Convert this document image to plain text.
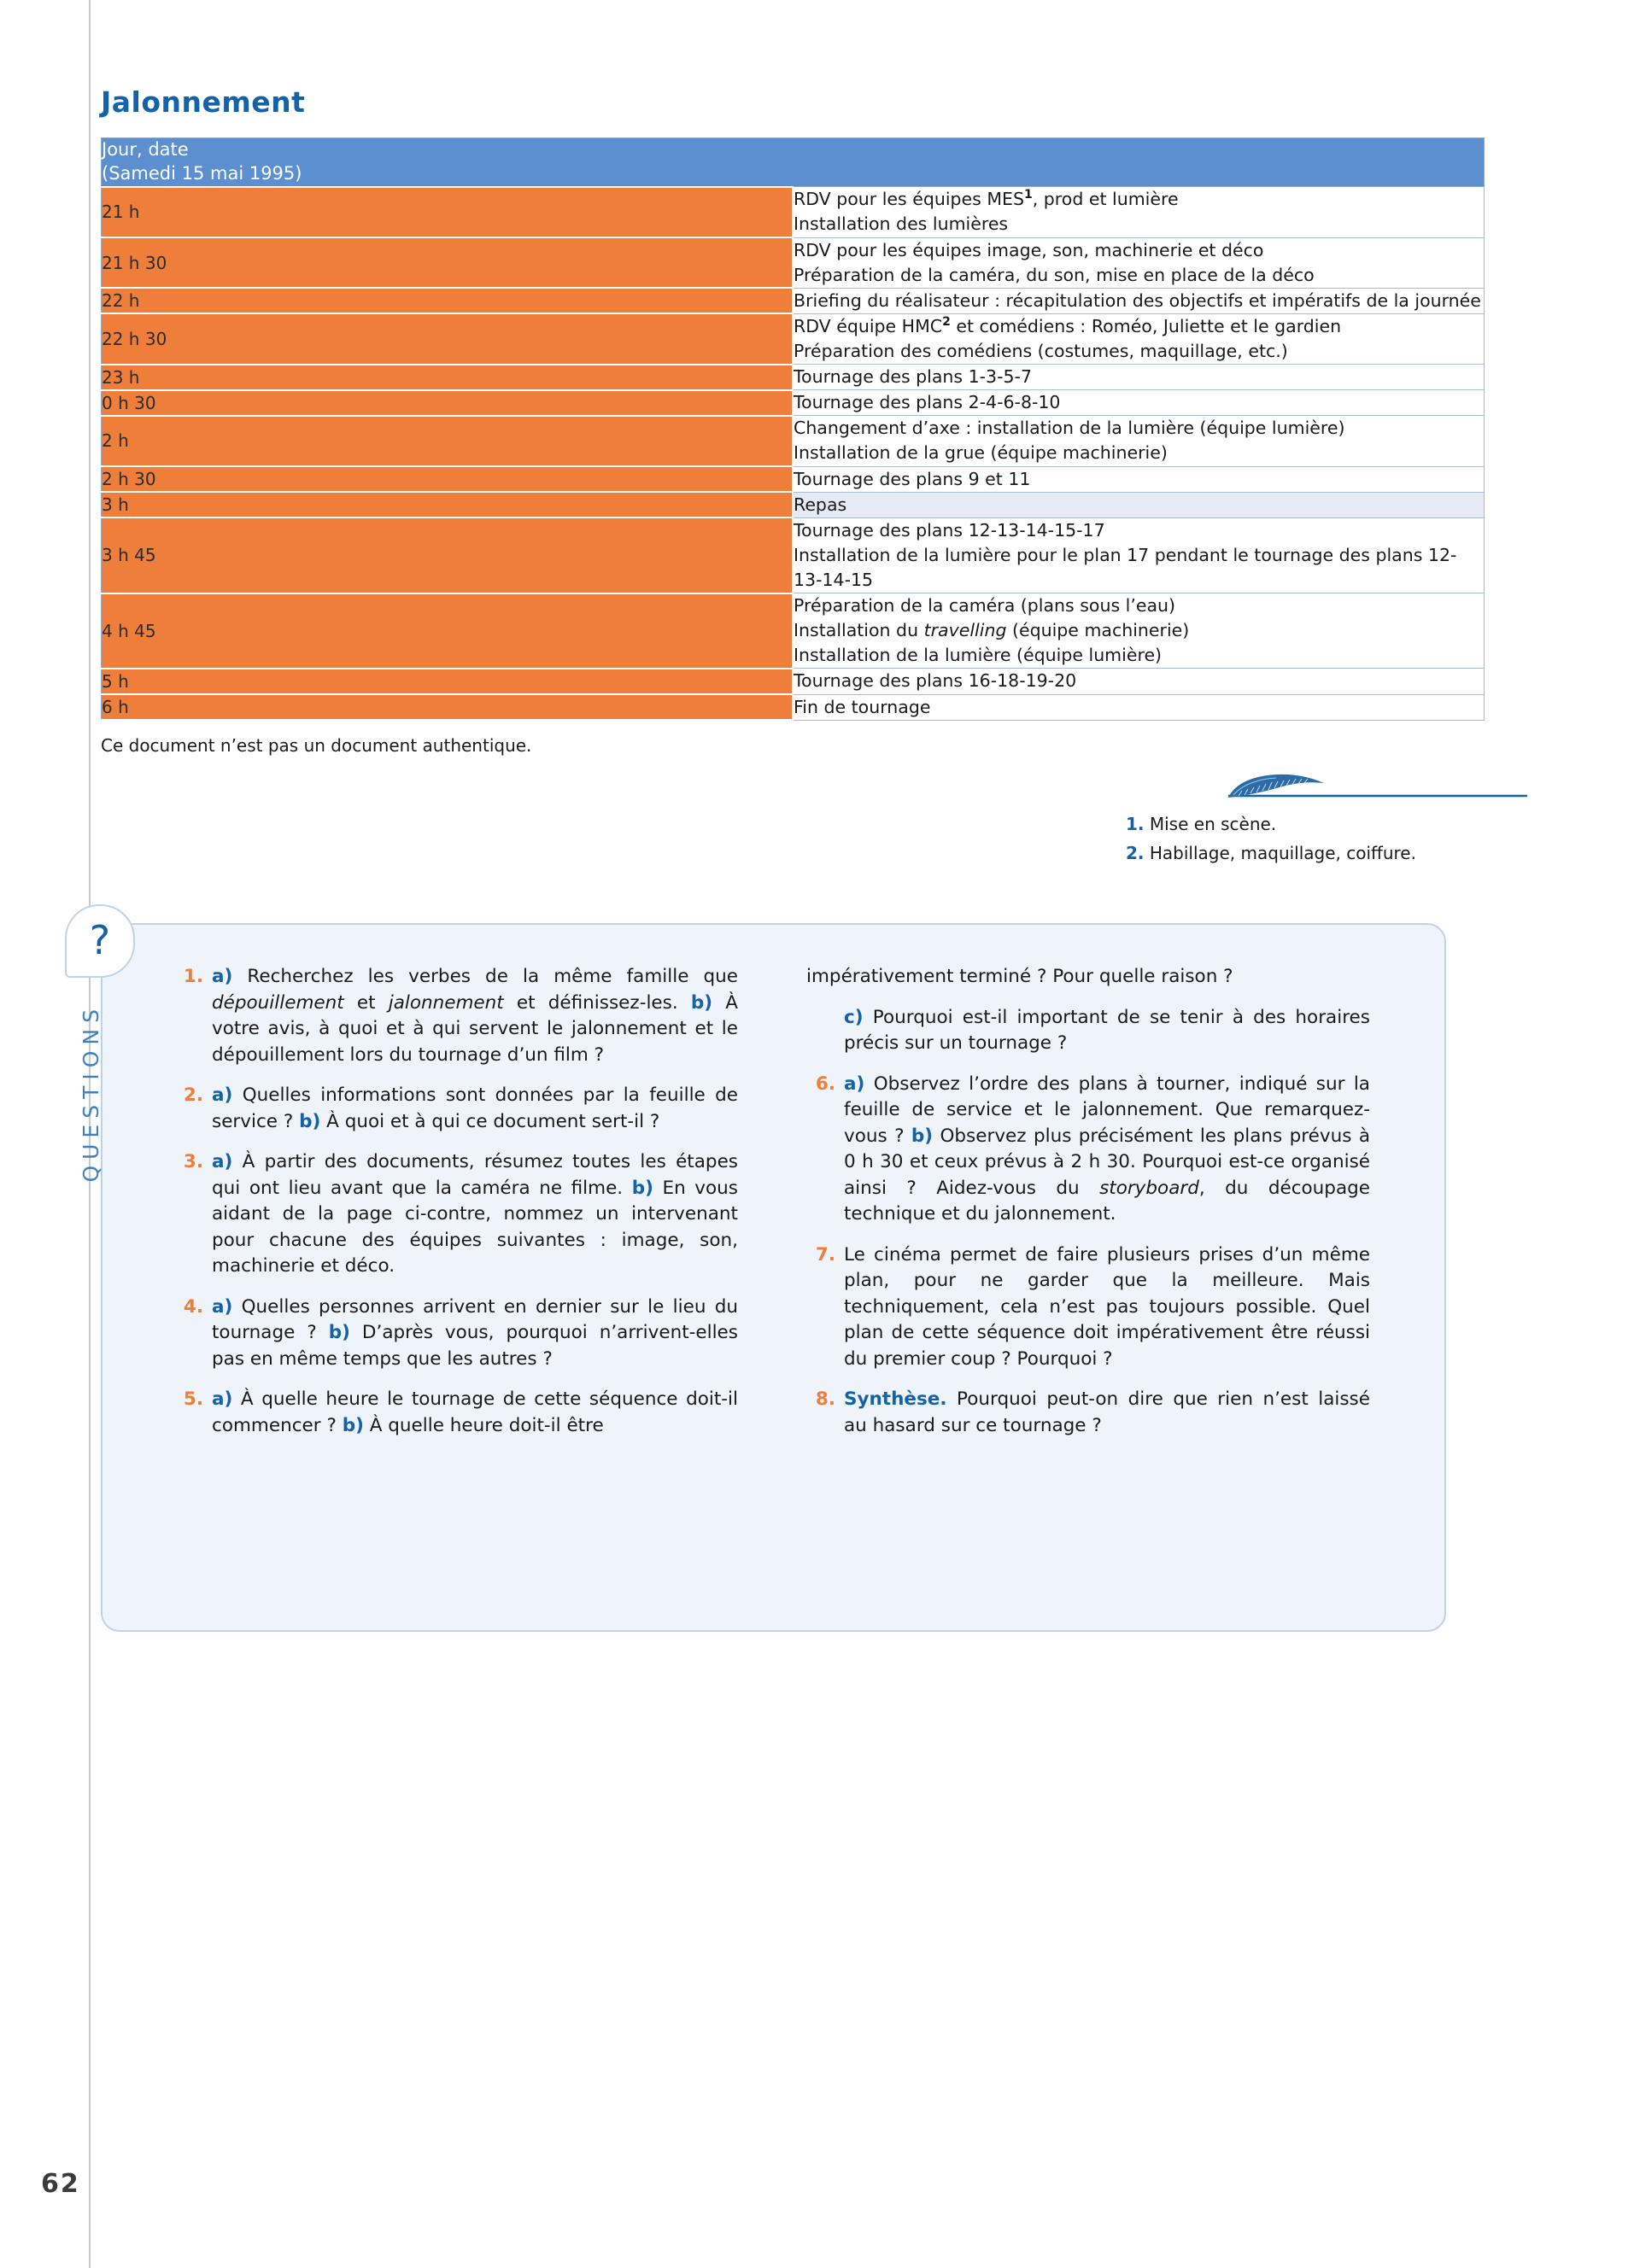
Jalonnement
Jour, date
(Samedi 15 mai 1995)	

21 h	RDV pour les équipes MES$^1$, prod et lumière
Installation des lumières

21 h 30	RDV pour les équipes image, son, machinerie et déco
Préparation de la caméra, du son, mise en place de la déco

22 h	Briefing du réalisateur : récapitulation des objectifs et impératifs de la journée

22 h 30	RDV équipe HMC$^2$ et comédiens : Roméo, Juliette et le gardien
Préparation des comédiens (costumes, maquillage, etc.)

23 h	Tournage des plans 1-3-5-7

0 h 30	Tournage des plans 2-4-6-8-10

2 h	Changement d’axe : installation de la lumière (équipe lumière)
Installation de la grue (équipe machinerie)

2 h 30	Tournage des plans 9 et 11

3 h	Repas

3 h 45	Tournage des plans 12-13-14-15-17
Installation de la lumière pour le plan 17 pendant le tournage des plans 12-13-14-15

4 h 45	Préparation de la caméra (plans sous l’eau)
Installation du travelling (équipe machinerie)
Installation de la lumière (équipe lumière)

5 h	Tournage des plans 16-18-19-20

6 h	Fin de tournage
Ce document n’est pas un document authentique.
1. Mise en scène.
2. Habillage, maquillage, coiffure.
?
QUESTIONS
1. a) Recherchez les verbes de la même famille que dépouillement et jalonnement et définissez-les. b) À votre avis, à quoi et à qui servent le jalonnement et le dépouillement lors du tournage d’un film ?
2. a) Quelles informations sont données par la feuille de service ? b) À quoi et à qui ce document sert-il ?
3. a) À partir des documents, résumez toutes les étapes qui ont lieu avant que la caméra ne filme. b) En vous aidant de la page ci-contre, nommez un intervenant pour chacune des équipes suivantes : image, son, machinerie et déco.
4. a) Quelles personnes arrivent en dernier sur le lieu du tournage ? b) D’après vous, pourquoi n’arrivent-elles pas en même temps que les autres ?
5. a) À quelle heure le tournage de cette séquence doit-il commencer ? b) À quelle heure doit-il être
impérativement terminé ? Pour quelle raison ?
c) Pourquoi est-il important de se tenir à des horaires précis sur un tournage ?
6. a) Observez l’ordre des plans à tourner, indiqué sur la feuille de service et le jalonnement. Que remarquez-vous ? b) Observez plus précisément les plans prévus à 0 h 30 et ceux prévus à 2 h 30. Pourquoi est-ce organisé ainsi ? Aidez-vous du storyboard, du découpage technique et du jalonnement.
7. Le cinéma permet de faire plusieurs prises d’un même plan, pour ne garder que la meilleure. Mais techniquement, cela n’est pas toujours possible. Quel plan de cette séquence doit impérativement être réussi du premier coup ? Pourquoi ?
8. Synthèse. Pourquoi peut-on dire que rien n’est laissé au hasard sur ce tournage ?
62
